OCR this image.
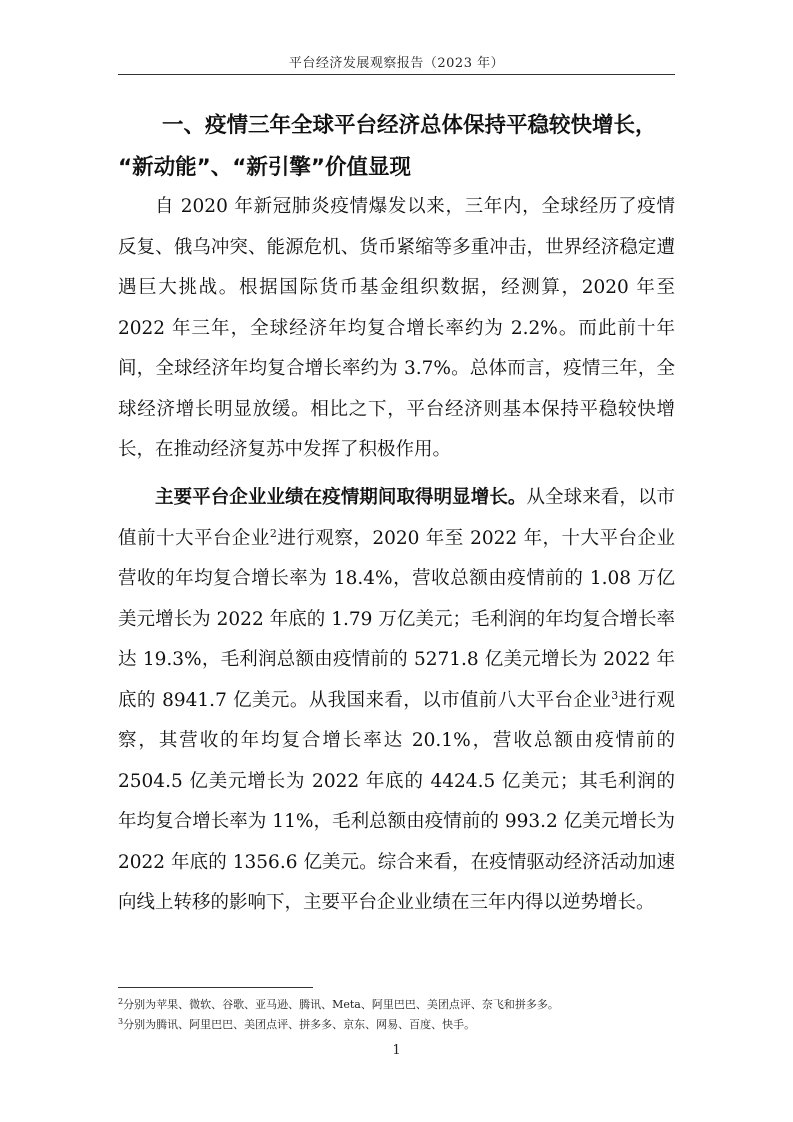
平台经济发展观察报告（2023 年）
一、疫情三年全球平台经济总体保持平稳较快增长，
“新动能”、“新引擎”价值显现

自 2020 年新冠肺炎疫情爆发以来，三年内，全球经历了疫情反复、俄乌冲突、能源危机、货币紧缩等多重冲击，世界经济稳定遭遇巨大挑战。根据国际货币基金组织数据，经测算，2020 年至 2022 年三年，全球经济年均复合增长率约为 2.2%。而此前十年间，全球经济年均复合增长率约为 3.7%。总体而言，疫情三年，全球经济增长明显放缓。相比之下，平台经济则基本保持平稳较快增长，在推动经济复苏中发挥了积极作用。

主要平台企业业绩在疫情期间取得明显增长。从全球来看，以市值前十大平台企业$^2$进行观察，2020 年至 2022 年，十大平台企业营收的年均复合增长率为 18.4%，营收总额由疫情前的 1.08 万亿美元增长为 2022 年底的 1.79 万亿美元；毛利润的年均复合增长率达 19.3%，毛利润总额由疫情前的 5271.8 亿美元增长为 2022 年底的 8941.7 亿美元。从我国来看，以市值前八大平台企业$^3$进行观察，其营收的年均复合增长率达 20.1%，营收总额由疫情前的 2504.5 亿美元增长为 2022 年底的 4424.5 亿美元；其毛利润的年均复合增长率为 11%，毛利总额由疫情前的 993.2 亿美元增长为 2022 年底的 1356.6 亿美元。综合来看，在疫情驱动经济活动加速向线上转移的影响下，主要平台企业业绩在三年内得以逆势增长。

$^2$分别为苹果、微软、谷歌、亚马逊、腾讯、Meta、阿里巴巴、美团点评、奈飞和拼多多。
$^3$分别为腾讯、阿里巴巴、美团点评、拼多多、京东、网易、百度、快手。
1
